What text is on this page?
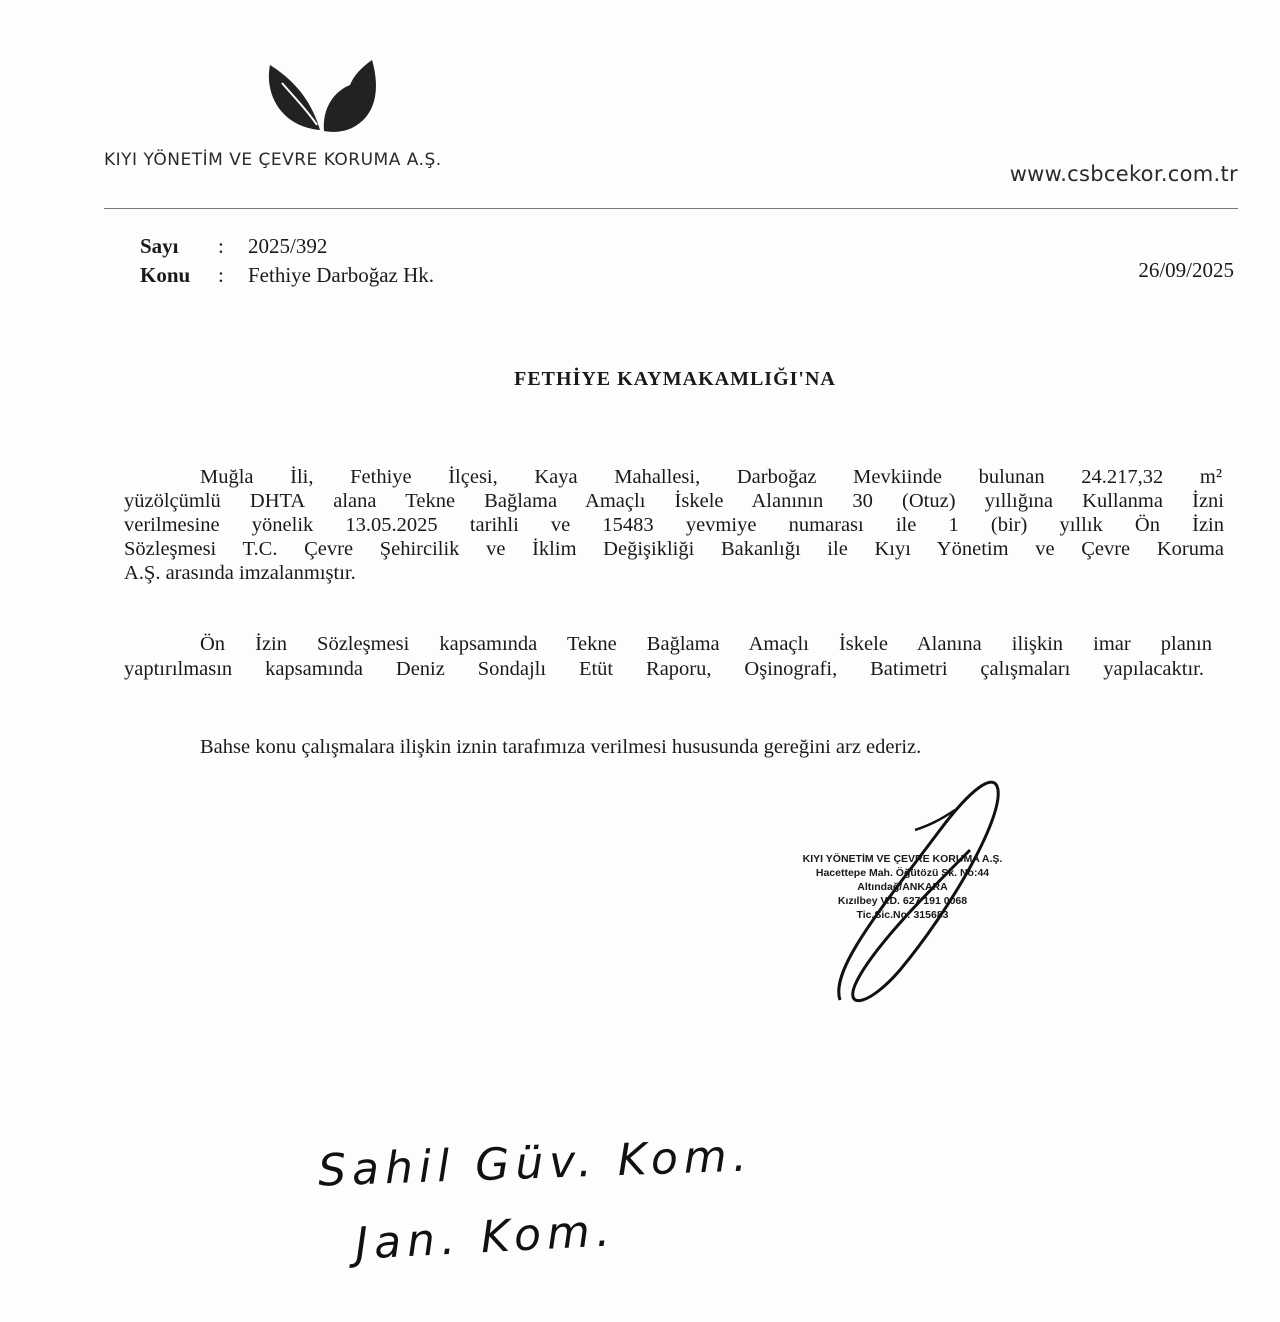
KIYI YÖNETİM VE ÇEVRE KORUMA A.Ş.
www.csbcekor.com.tr
Sayı : 2025/392
Konu : Fethiye Darboğaz Hk.	26/09/2025
FETHİYE KAYMAKAMLIĞI'NA
Muğla İli, Fethiye İlçesi, Kaya Mahallesi, Darboğaz Mevkiinde bulunan 24.217,32 m²
yüzölçümlü DHTA alana Tekne Bağlama Amaçlı İskele Alanının 30 (Otuz) yıllığına Kullanma İzni
verilmesine yönelik 13.05.2025 tarihli ve 15483 yevmiye numarası ile 1 (bir) yıllık Ön İzin
Sözleşmesi T.C. Çevre Şehircilik ve İklim Değişikliği Bakanlığı ile Kıyı Yönetim ve Çevre Koruma
A.Ş. arasında imzalanmıştır.
Ön İzin Sözleşmesi kapsamında Tekne Bağlama Amaçlı İskele Alanına ilişkin imar planın
yaptırılmasın kapsamında Deniz Sondajlı Etüt Raporu, Oşinografi, Batimetri çalışmaları yapılacaktır.
Bahse konu çalışmalara ilişkin iznin tarafımıza verilmesi hususunda gereğini arz ederiz.
KIYI YÖNETİM VE ÇEVRE KORUMA A.Ş.
Hacettepe Mah. Öğütözü Sk. No:44
Altındağ/ANKARA
Kızılbey V.D. 627 191 0068
Tic.Sic.No: 315683
Sahil Güv. Kom.
Jan. Kom.
